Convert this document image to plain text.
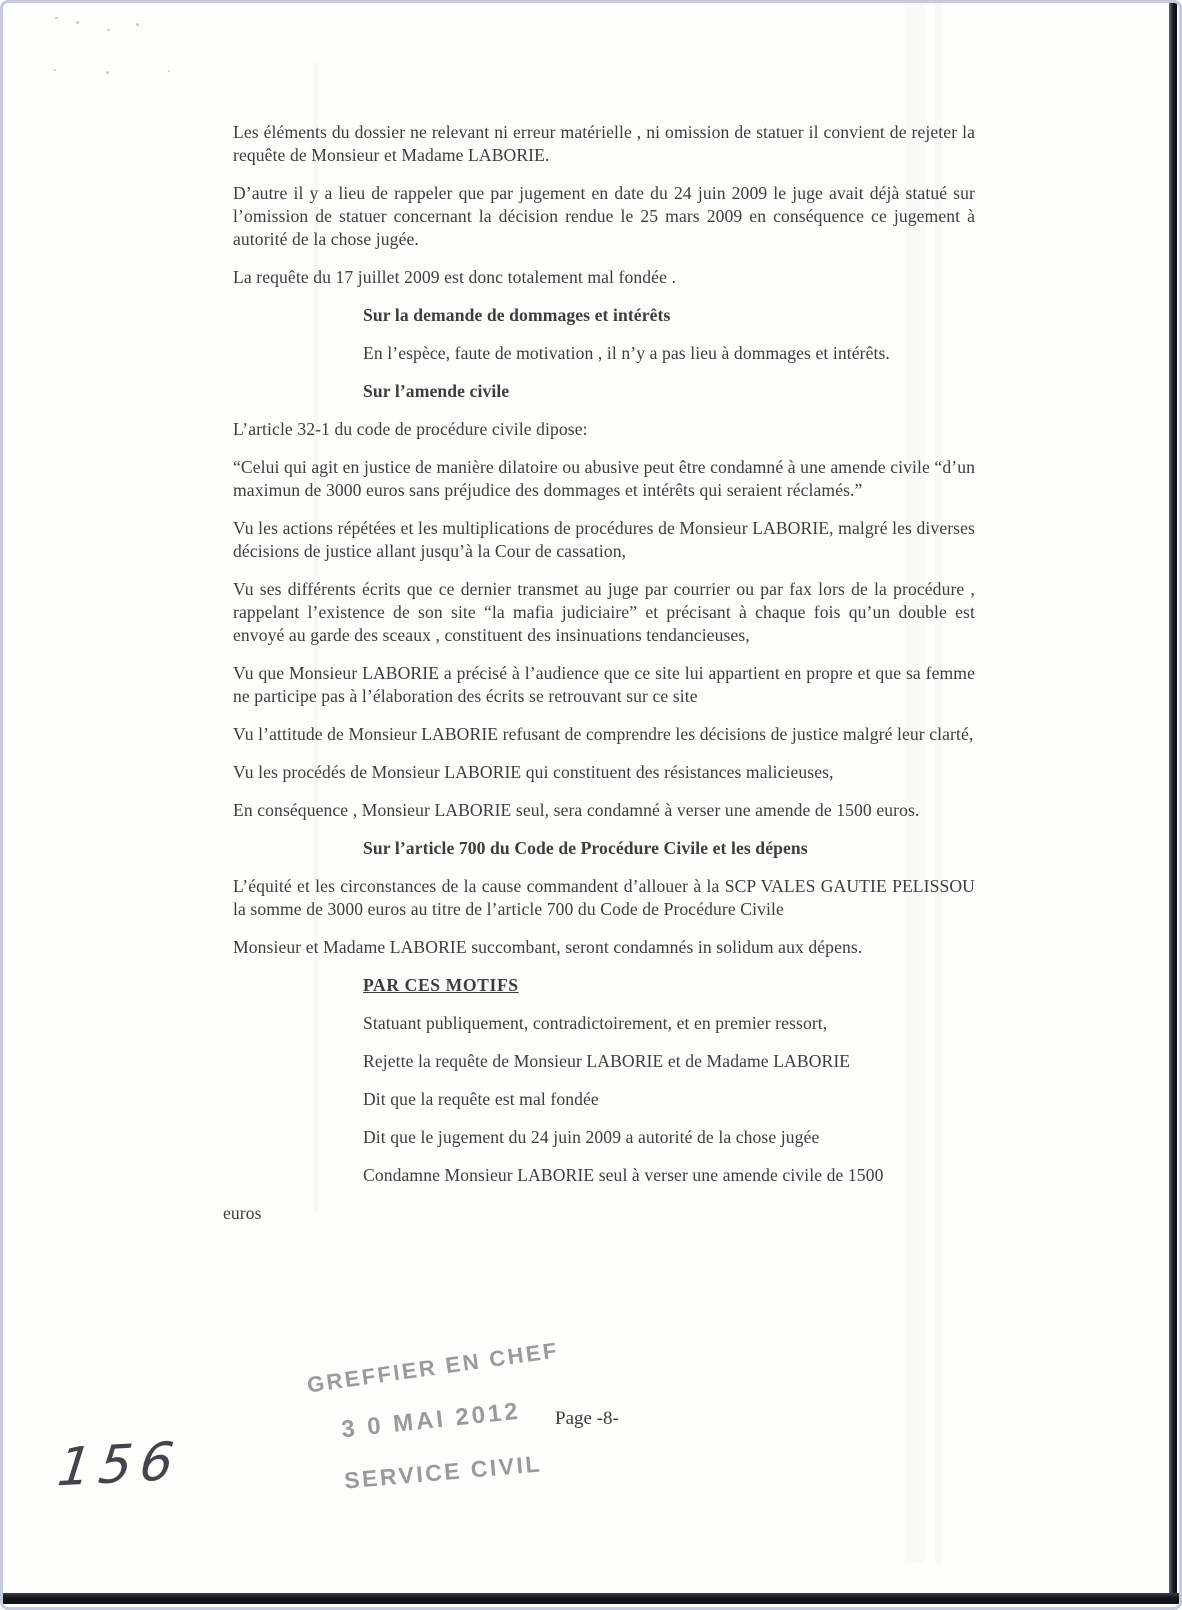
Les éléments du dossier ne relevant ni erreur matérielle , ni omission de statuer il convient de rejeter la requête de Monsieur et Madame LABORIE.

D’autre il y a lieu de rappeler que par jugement en date du 24 juin 2009 le juge avait déjà statué sur l’omission de statuer concernant la décision rendue le 25 mars 2009 en conséquence ce jugement à autorité de la chose jugée.

La requête du 17 juillet 2009 est donc totalement mal fondée .

Sur la demande de dommages et intérêts

En l’espèce, faute de motivation , il n’y a pas lieu à dommages et intérêts.

Sur l’amende civile

L’article 32-1 du code de procédure civile dipose:

“Celui qui agit en justice de manière dilatoire ou abusive peut être condamné à une amende civile “d’un maximun de 3000 euros sans préjudice des dommages et intérêts qui seraient réclamés.”

Vu les actions répétées et les multiplications de procédures de Monsieur LABORIE, malgré les diverses décisions de justice allant jusqu’à la Cour de cassation,

Vu ses différents écrits que ce dernier transmet au juge par courrier ou par fax lors de la procédure , rappelant l’existence de son site “la mafia judiciaire” et précisant à chaque fois qu’un double est envoyé au garde des sceaux , constituent des insinuations tendancieuses,

Vu que Monsieur LABORIE a précisé à l’audience que ce site lui appartient en propre et que sa femme ne participe pas à l’élaboration des écrits se retrouvant sur ce site

Vu l’attitude de Monsieur LABORIE refusant de comprendre les décisions de justice malgré leur clarté,

Vu les procédés de Monsieur LABORIE qui constituent des résistances malicieuses,

En conséquence , Monsieur LABORIE seul, sera condamné à verser une amende de 1500 euros.

Sur l’article 700 du Code de Procédure Civile et les dépens

L’équité et les circonstances de la cause commandent d’allouer à la SCP VALES GAUTIE PELISSOU la somme de 3000 euros au titre de l’article 700 du Code de Procédure Civile

Monsieur et Madame LABORIE succombant, seront condamnés in solidum aux dépens.

PAR CES MOTIFS

Statuant publiquement, contradictoirement, et en premier ressort,

Rejette la requête de Monsieur LABORIE et de Madame LABORIE

Dit que la requête est mal fondée

Dit que le jugement du 24 juin 2009 a autorité de la chose jugée

Condamne Monsieur LABORIE seul à verser une amende civile de 1500

euros

GREFFIER EN CHEF
3 0 MAI 2012
SERVICE CIVIL
Page -8-
156
